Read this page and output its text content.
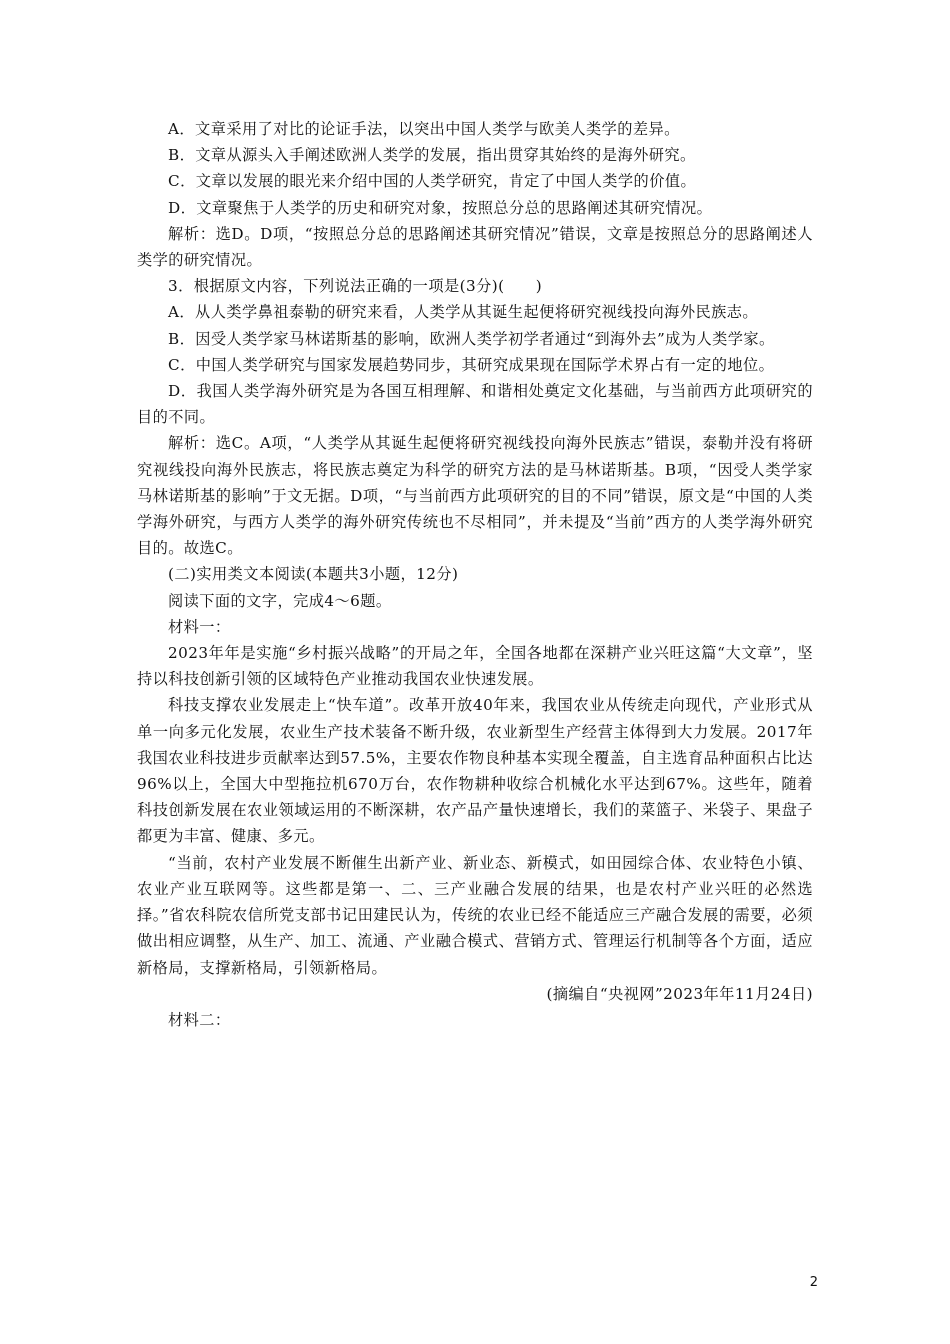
A．文章采用了对比的论证手法，以突出中国人类学与欧美人类学的差异。

B．文章从源头入手阐述欧洲人类学的发展，指出贯穿其始终的是海外研究。

C．文章以发展的眼光来介绍中国的人类学研究，肯定了中国人类学的价值。

D．文章聚焦于人类学的历史和研究对象，按照总分总的思路阐述其研究情况。

解析：选D。D项，“按照总分总的思路阐述其研究情况”错误，文章是按照总分的思路阐述人类学的研究情况。

3．根据原文内容，下列说法正确的一项是(3分)(　　)

A．从人类学鼻祖泰勒的研究来看，人类学从其诞生起便将研究视线投向海外民族志。

B．因受人类学家马林诺斯基的影响，欧洲人类学初学者通过“到海外去”成为人类学家。

C．中国人类学研究与国家发展趋势同步，其研究成果现在国际学术界占有一定的地位。

D．我国人类学海外研究是为各国互相理解、和谐相处奠定文化基础，与当前西方此项研究的目的不同。

解析：选C。A项，“人类学从其诞生起便将研究视线投向海外民族志”错误，泰勒并没有将研究视线投向海外民族志，将民族志奠定为科学的研究方法的是马林诺斯基。B项，“因受人类学家马林诺斯基的影响”于文无据。D项，“与当前西方此项研究的目的不同”错误，原文是“中国的人类学海外研究，与西方人类学的海外研究传统也不尽相同”，并未提及“当前”西方的人类学海外研究目的。故选C。

(二)实用类文本阅读(本题共3小题，12分)

阅读下面的文字，完成4～6题。

材料一：

2023年年是实施“乡村振兴战略”的开局之年，全国各地都在深耕产业兴旺这篇“大文章”，坚持以科技创新引领的区域特色产业推动我国农业快速发展。

科技支撑农业发展走上“快车道”。改革开放40年来，我国农业从传统走向现代，产业形式从单一向多元化发展，农业生产技术装备不断升级，农业新型生产经营主体得到大力发展。2017年我国农业科技进步贡献率达到57.5%，主要农作物良种基本实现全覆盖，自主选育品种面积占比达96%以上，全国大中型拖拉机670万台，农作物耕种收综合机械化水平达到67%。这些年，随着科技创新发展在农业领域运用的不断深耕，农产品产量快速增长，我们的菜篮子、米袋子、果盘子都更为丰富、健康、多元。

“当前，农村产业发展不断催生出新产业、新业态、新模式，如田园综合体、农业特色小镇、农业产业互联网等。这些都是第一、二、三产业融合发展的结果，也是农村产业兴旺的必然选择。”省农科院农信所党支部书记田建民认为，传统的农业已经不能适应三产融合发展的需要，必须做出相应调整，从生产、加工、流通、产业融合模式、营销方式、管理运行机制等各个方面，适应新格局，支撑新格局，引领新格局。

(摘编自“央视网”2023年年11月24日)

材料二：

2
